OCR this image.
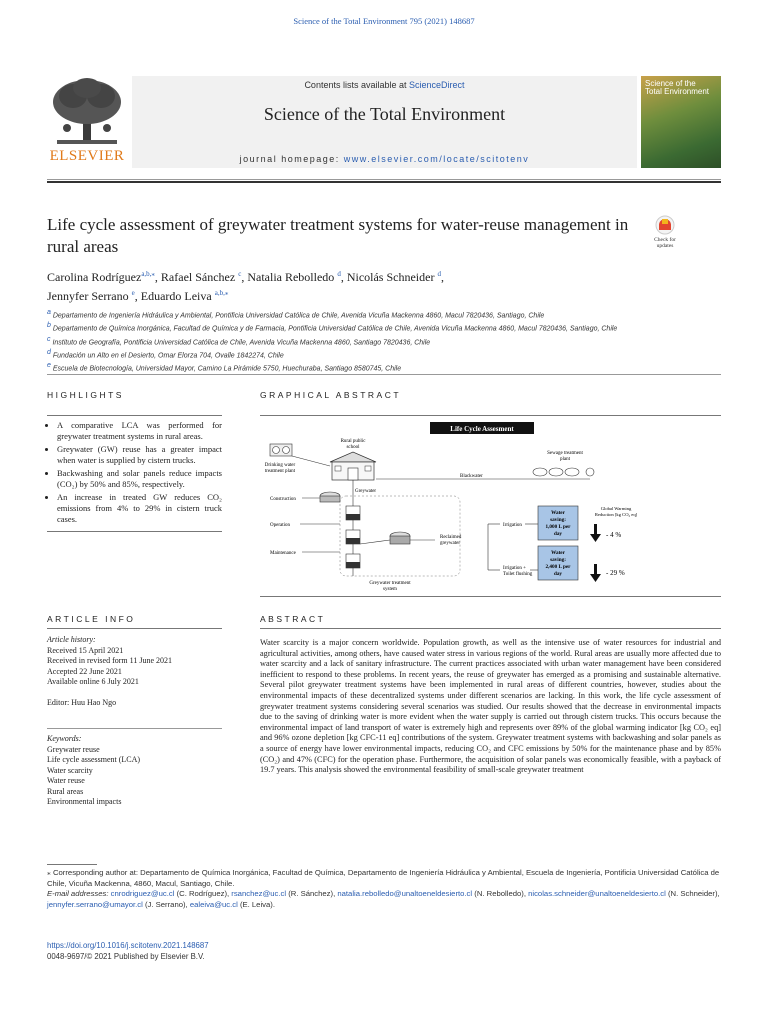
Science of the Total Environment 795 (2021) 148687
ELSEVIER
Contents lists available at ScienceDirect
Science of the Total Environment
journal homepage: www.elsevier.com/locate/scitotenv
Science of the
Total Environment
Life cycle assessment of greywater treatment systems for water-reuse management in rural areas	Check for
updates
Carolina Rodríguez$^{a,b,⁎}$, Rafael Sánchez $^c$, Natalia Rebolledo $^d$, Nicolás Schneider $^d$,
Jennyfer Serrano $^e$, Eduardo Leiva $^{a,b,⁎}$
$^a$ Departamento de Ingeniería Hidráulica y Ambiental, Pontificia Universidad Católica de Chile, Avenida Vicuña Mackenna 4860, Macul 7820436, Santiago, Chile
$^b$ Departamento de Química Inorgánica, Facultad de Química y de Farmacia, Pontificia Universidad Católica de Chile, Avenida Vicuña Mackenna 4860, Macul 7820436, Santiago, Chile
$^c$ Instituto de Geografía, Pontificia Universidad Católica de Chile, Avenida Vicuña Mackenna 4860, Santiago 7820436, Chile
$^d$ Fundación un Alto en el Desierto, Omar Elorza 704, Ovalle 1842274, Chile
$^e$ Escuela de Biotecnología, Universidad Mayor, Camino La Pirámide 5750, Huechuraba, Santiago 8580745, Chile
HIGHLIGHTS	GRAPHICAL ABSTRACT
• A comparative LCA was performed for greywater treatment systems in rural areas.
• Greywater (GW) reuse has a greater impact when water is supplied by cistern trucks.
• Backwashing and solar panels reduce impacts (CO₂) by 50% and 85%, respectively.
• An increase in treated GW reduces CO₂ emissions from 4% to 29% in cistern truck cases.
Life Cycle Assesment
Rural public
school
Drinking water
treatment plant
Sewage treatment
plant
Blackwater
Greywater
Construction
Operation
Maintenance
Reclaimed
greywater
Irrigation
Irrigation +
Toilet flushing
Water
saving:
1,000 L per
day
Water
saving:
2,400 L per
day
Global Warming
Reduction [kg CO₂ eq]
- 4 %
- 29 %
Greywater treatment
system
ARTICLE INFO	ABSTRACT
Article history:
Received 15 April 2021
Received in revised form 11 June 2021
Accepted 22 June 2021
Available online 6 July 2021
Editor: Huu Hao Ngo
Keywords:
Greywater reuse
Life cycle assessment (LCA)
Water scarcity
Water reuse
Rural areas
Environmental impacts
Water scarcity is a major concern worldwide. Population growth, as well as the intensive use of water resources for industrial and agricultural activities, among others, have caused water stress in various regions of the world. Rural areas are usually more affected due to water scarcity and a lack of sanitary infrastructure. The current practices associated with urban water management have been considered inefficient to respond to these problems. In recent years, the reuse of greywater has emerged as a promising and sustainable alternative. Several pilot greywater treatment systems have been implemented in rural areas of different countries, however, studies about the environmental impacts of these decentralized systems under different scenarios are lacking. In this work, the life cycle assessment of greywater treatment systems considering several scenarios was studied. Our results showed that the decrease in environmental impacts due to the saving of drinking water is more evident when the water supply is carried out through cistern trucks. This occurs because the environmental impact of land transport of water is extremely high and represents over 89% of the global warming indicator [kg CO₂ eq] and 96% ozone depletion [kg CFC-11 eq] contributions of the system. Greywater treatment systems with backwashing and solar panels as a source of energy have lower environmental impacts, reducing CO₂ and CFC emissions by 50% for the maintenance phase and by 85% (CO₂) and 47% (CFC) for the operation phase. Furthermore, the acquisition of solar panels was economically feasible, with a payback of 19.7 years. This analysis showed the environmental feasibility of small-scale greywater treatment
⁎ Corresponding author at: Departamento de Química Inorgánica, Facultad de Química, Departamento de Ingeniería Hidráulica y Ambiental, Escuela de Ingeniería, Pontificia Universidad Católica de Chile, Vicuña Mackenna, 4860, Macul, Santiago, Chile.
E-mail addresses: cnrodriguez@uc.cl (C. Rodríguez), rsanchez@uc.cl (R. Sánchez), natalia.rebolledo@unaltoeneldesierto.cl (N. Rebolledo), nicolas.schneider@unaltoeneldesierto.cl (N. Schneider), jennyfer.serrano@umayor.cl (J. Serrano), ealeiva@uc.cl (E. Leiva).
https://doi.org/10.1016/j.scitotenv.2021.148687
0048-9697/© 2021 Published by Elsevier B.V.
